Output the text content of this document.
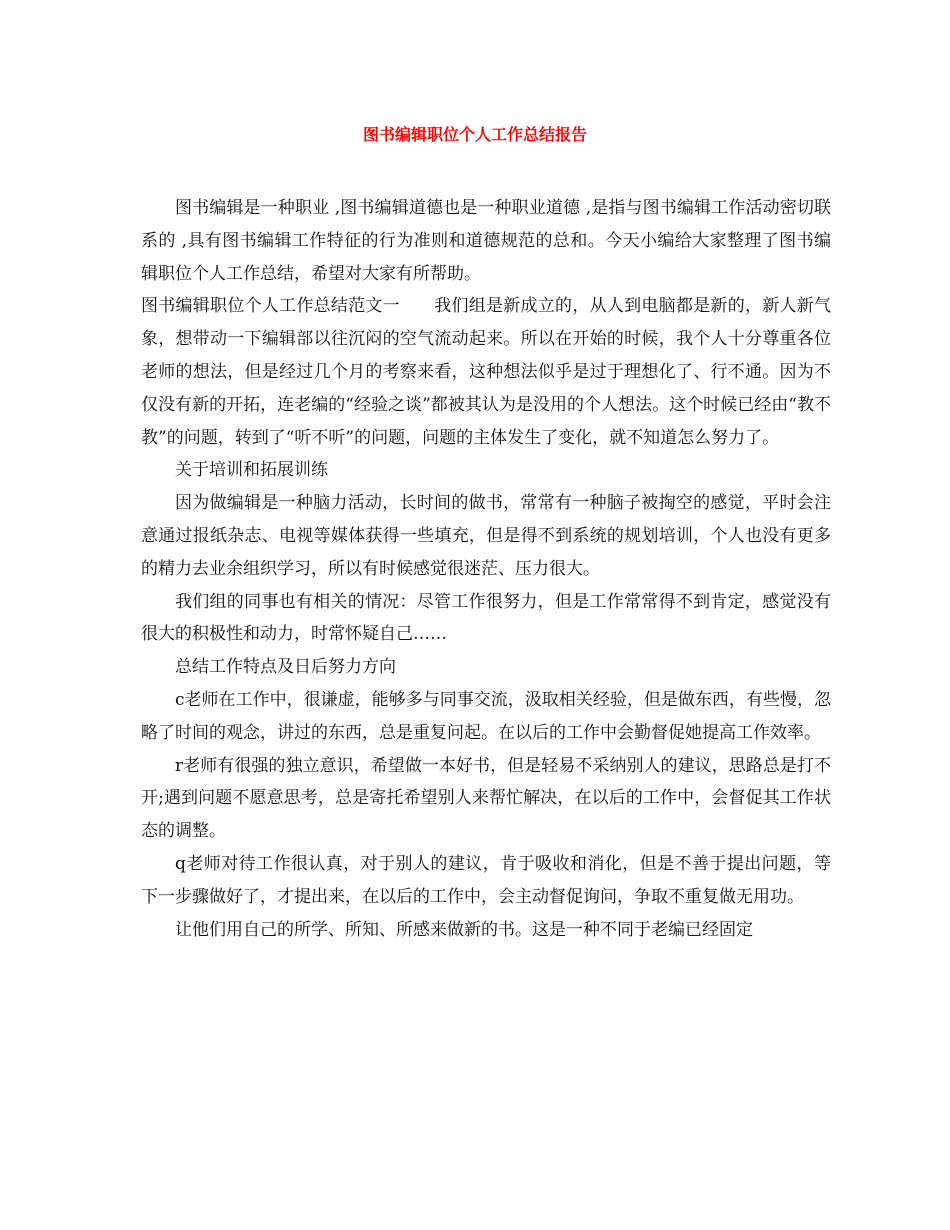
图书编辑职位个人工作总结报告

图书编辑是一种职业 ,图书编辑道德也是一种职业道德 ,是指与图书编辑工作活动密切联系的 ,具有图书编辑工作特征的行为准则和道德规范的总和。今天小编给大家整理了图书编辑职位个人工作总结，希望对大家有所帮助。

图书编辑职位个人工作总结范文一 我们组是新成立的，从人到电脑都是新的，新人新气象，想带动一下编辑部以往沉闷的空气流动起来。所以在开始的时候，我个人十分尊重各位老师的想法，但是经过几个月的考察来看，这种想法似乎是过于理想化了、行不通。因为不仅没有新的开拓，连老编的“经验之谈”都被其认为是没用的个人想法。这个时候已经由“教不教”的问题，转到了“听不听”的问题，问题的主体发生了变化，就不知道怎么努力了。

关于培训和拓展训练

因为做编辑是一种脑力活动，长时间的做书，常常有一种脑子被掏空的感觉，平时会注意通过报纸杂志、电视等媒体获得一些填充，但是得不到系统的规划培训，个人也没有更多的精力去业余组织学习，所以有时候感觉很迷茫、压力很大。

我们组的同事也有相关的情况：尽管工作很努力，但是工作常常得不到肯定，感觉没有很大的积极性和动力，时常怀疑自己……

总结工作特点及日后努力方向

c老师在工作中，很谦虚，能够多与同事交流，汲取相关经验，但是做东西，有些慢，忽略了时间的观念，讲过的东西，总是重复问起。在以后的工作中会勤督促她提高工作效率。

r老师有很强的独立意识，希望做一本好书，但是轻易不采纳别人的建议，思路总是打不开;遇到问题不愿意思考，总是寄托希望别人来帮忙解决，在以后的工作中，会督促其工作状态的调整。

q老师对待工作很认真，对于别人的建议，肯于吸收和消化，但是不善于提出问题，等下一步骤做好了，才提出来，在以后的工作中，会主动督促询问，争取不重复做无用功。

让他们用自己的所学、所知、所感来做新的书。这是一种不同于老编已经固定
